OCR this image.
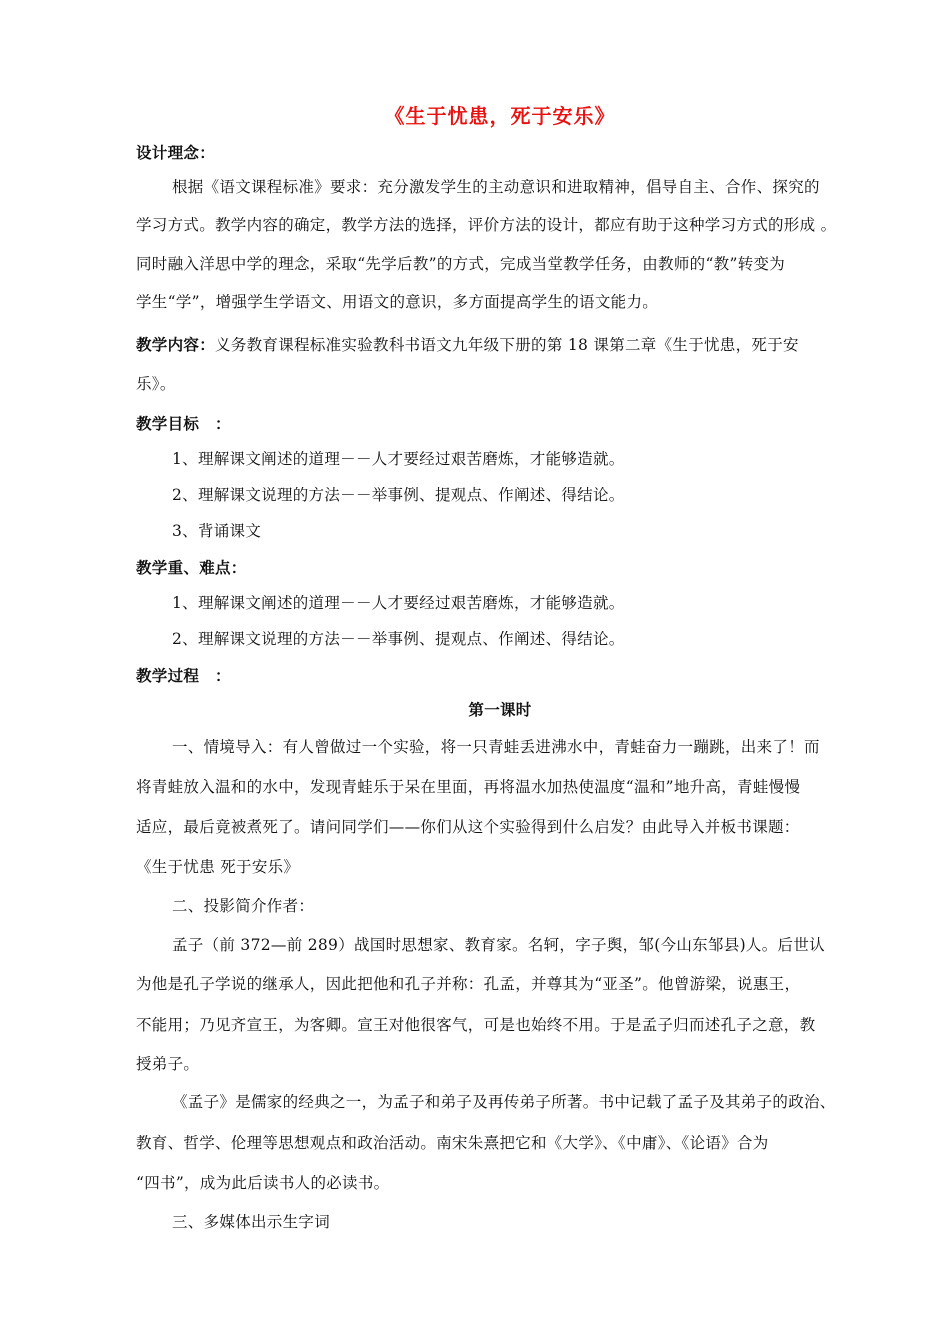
《生于忧患，死于安乐》
设计理念：
根据《语文课程标准》要求：充分激发学生的主动意识和进取精神，倡导自主、合作、探究的
学习方式。教学内容的确定，教学方法的选择，评价方法的设计，都应有助于这种学习方式的形成 。
同时融入洋思中学的理念，采取“先学后教”的方式，完成当堂教学任务，由教师的“教”转变为
学生“学”，增强学生学语文、用语文的意识，多方面提高学生的语文能力。
教学内容：义务教育课程标准实验教科书语文九年级下册的第 18 课第二章《生于忧患，死于安
乐》。
教学目标　：
1、理解课文阐述的道理－－人才要经过艰苦磨炼，才能够造就。
2、理解课文说理的方法－－举事例、提观点、作阐述、得结论。
3、背诵课文
教学重、难点：
1、理解课文阐述的道理－－人才要经过艰苦磨炼，才能够造就。
2、理解课文说理的方法－－举事例、提观点、作阐述、得结论。
教学过程　：
第一课时
一、情境导入：有人曾做过一个实验，将一只青蛙丢进沸水中，青蛙奋力一蹦跳，出来了！而
将青蛙放入温和的水中，发现青蛙乐于呆在里面，再将温水加热使温度“温和”地升高，青蛙慢慢
适应，最后竟被煮死了。请问同学们——你们从这个实验得到什么启发？由此导入并板书课题：
《生于忧患 死于安乐》
二、投影简介作者：
孟子（前 372—前 289）战国时思想家、教育家。名轲，字子舆，邹(今山东邹县)人。后世认
为他是孔子学说的继承人，因此把他和孔子并称：孔孟，并尊其为“亚圣”。他曾游梁，说惠王，
不能用；乃见齐宣王，为客卿。宣王对他很客气，可是也始终不用。于是孟子归而述孔子之意，教
授弟子。
《孟子》是儒家的经典之一，为孟子和弟子及再传弟子所著。书中记载了孟子及其弟子的政治、
教育、哲学、伦理等思想观点和政治活动。南宋朱熹把它和《大学》、《中庸》、《论语》合为
“四书”，成为此后读书人的必读书。
三、多媒体出示生字词
